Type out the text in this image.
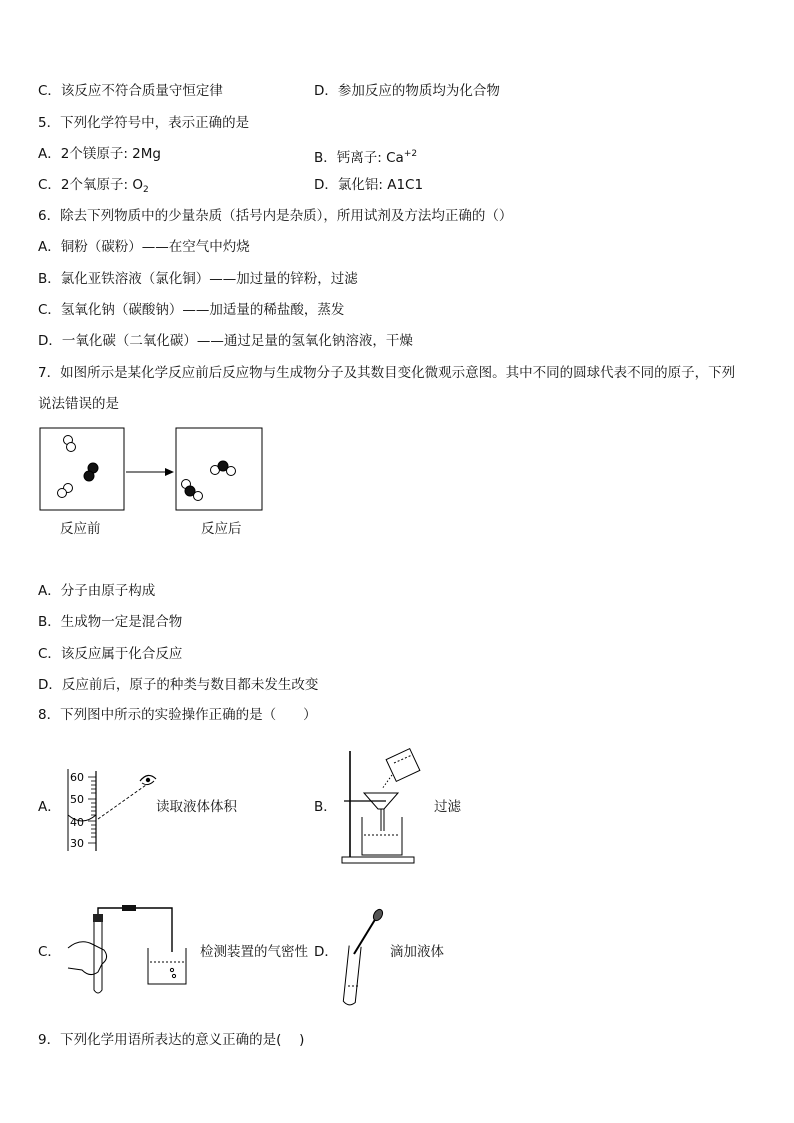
C．该反应不符合质量守恒定律	D．参加反应的物质均为化合物
5．下列化学符号中，表示正确的是
A．2个镁原子: 2Mg	B．钙离子: $Ca^{+2}$
C．2个氧原子: $O_2$	D．氯化铝: A1C1
6．除去下列物质中的少量杂质（括号内是杂质），所用试剂及方法均正确的（）
A．铜粉（碳粉）——在空气中灼烧
B．氯化亚铁溶液（氯化铜）——加过量的锌粉，过滤
C．氢氧化钠（碳酸钠）——加适量的稀盐酸，蒸发
D．一氧化碳（二氧化碳）——通过足量的氢氧化钠溶液，干燥
7．如图所示是某化学反应前后反应物与生成物分子及其数目变化微观示意图。其中不同的圆球代表不同的原子，下列
说法错误的是
反应前	反应后
A．分子由原子构成
B．生成物一定是混合物
C．该反应属于化合反应
D．反应前后，原子的种类与数目都未发生改变
8．下列图中所示的实验操作正确的是（　　）
A．
60
50
40
30
读取液体体积	B．	过滤
C．	检测装置的气密性 D．	滴加液体
9．下列化学用语所表达的意义正确的是(　 )
